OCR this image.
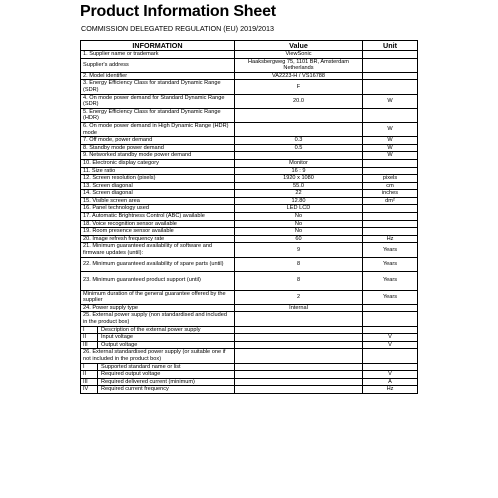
Product Information Sheet
COMMISSION DELEGATED REGULATION (EU) 2019/2013
INFORMATION	Value	Unit
1. Supplier name or trademark	ViewSonic	
Supplier's address	Haaksbergweg 75, 1101 BR, Amsterdam Netherlands	
2. Model identifier	VA2223-H / VS16788	
3. Energy Efficiency Class for standard Dynamic Range (SDR)	F	
4. On mode power demand for Standard Dynamic Range (SDR)	20.0	W
5. Energy Efficiency Class for standard Dynamic Range (HDR)		
6. On mode power demand in High Dynamic Range (HDR) mode		W
7. Off mode, power demand	0.3	W
8. Standby mode power demand	0.5	W
9. Networked standby mode power demand		W
10. Electronic display category	Monitor	
11. Size ratio	16 : 9	
12. Screen resolution (pixels)	1920 x 1080	pixels
13. Screen diagonal	55.0	cm
14. Screen diagonal	22	inches
15. Visible screen area	12.80	dm²
16. Panel technology used	LED LCD	
17. Automatic Brightness Control (ABC) available	No	
18. Voice recognition sensor available	No	
19. Room presence sensor available	No	
20. Image refresh frequency rate	60	Hz
21. Minimum guaranteed availability of software and firmware updates (until):	9	Years
22. Minimum guaranteed availability of spare parts (until)	8	Years
23. Minimum guaranteed product support (until)	8	Years
Minimum duration of the general guarantee offered by the supplier	2	Years
24. Power supply type	Internal	
25. External power supply (non standardised and included in the product box)		

I Description of the external power supply		

II Input voltage		V

III Output voltage		V
26. External standardised power supply (or suitable one if not included in the product box)		

I Supported standard name or list		

II Required output voltage		V

III Required delivered current (minimum)		A

IV Required current frequency		Hz
